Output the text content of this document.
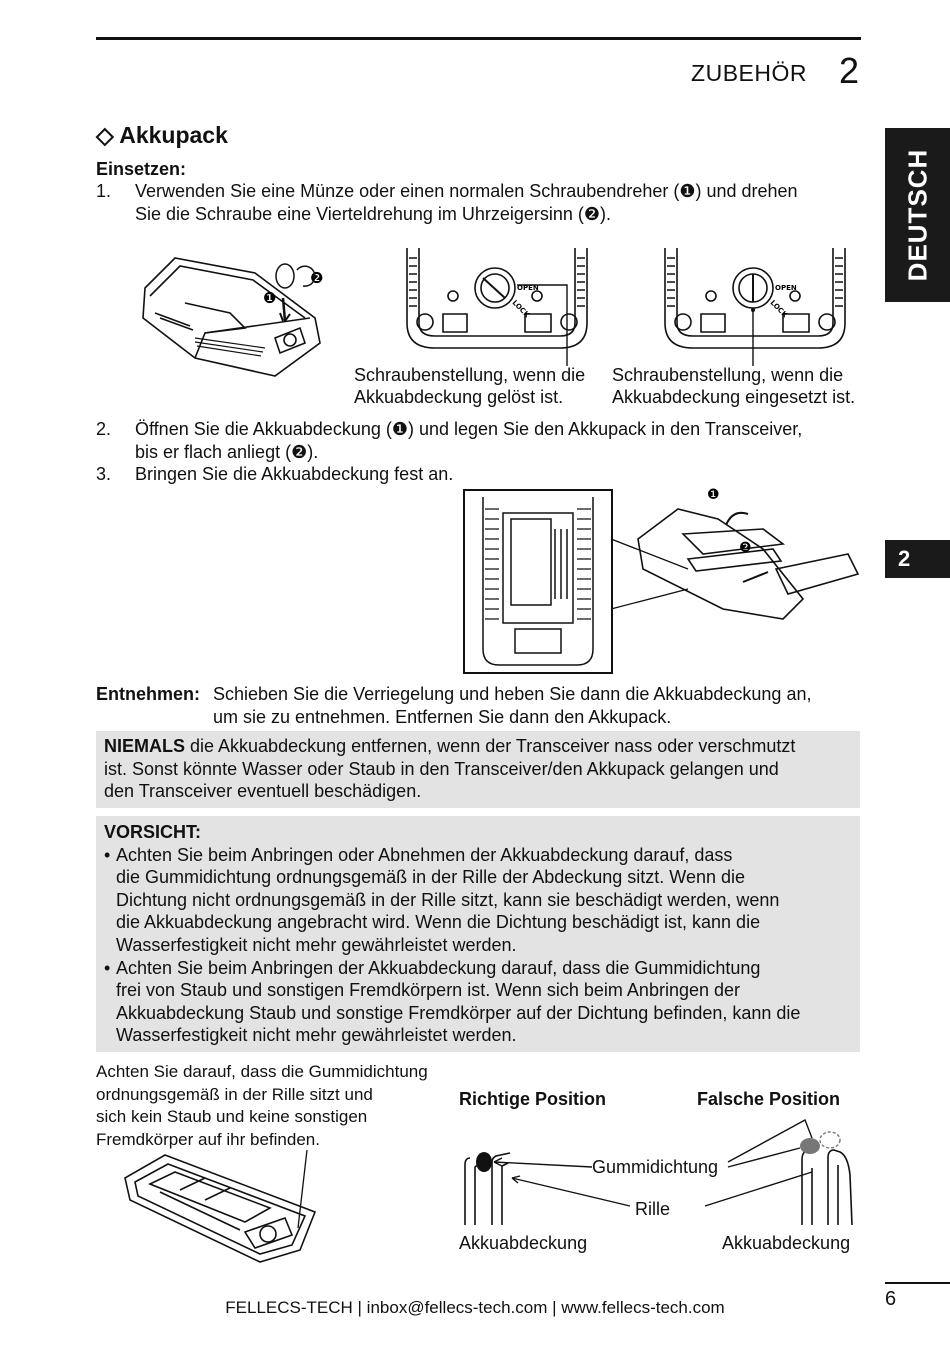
ZUBEHÖR 2
DEUTSCH
2
◇ Akkupack
Einsetzen:
1. Verwenden Sie eine Münze oder einen normalen Schraubendreher (❶) und drehen
Sie die Schraube eine Vierteldrehung im Uhrzeigersinn (❷).
❶
❷
OPEN
LOCK
OPEN
LOCK
Schraubenstellung, wenn die
Akkuabdeckung gelöst ist.
Schraubenstellung, wenn die
Akkuabdeckung eingesetzt ist.
2. Öffnen Sie die Akkuabdeckung (❶) und legen Sie den Akkupack in den Transceiver,
bis er flach anliegt (❷).
3. Bringen Sie die Akkuabdeckung fest an.
❶
❷
Entnehmen: Schieben Sie die Verriegelung und heben Sie dann die Akkuabdeckung an,
um sie zu entnehmen. Entfernen Sie dann den Akkupack.
NIEMALS die Akkuabdeckung entfernen, wenn der Transceiver nass oder verschmutzt
ist. Sonst könnte Wasser oder Staub in den Transceiver/den Akkupack gelangen und
den Transceiver eventuell beschädigen.
VORSICHT:
• Achten Sie beim Anbringen oder Abnehmen der Akkuabdeckung darauf, dass
die Gummidichtung ordnungsgemäß in der Rille der Abdeckung sitzt. Wenn die
Dichtung nicht ordnungsgemäß in der Rille sitzt, kann sie beschädigt werden, wenn
die Akkuabdeckung angebracht wird. Wenn die Dichtung beschädigt ist, kann die
Wasserfestigkeit nicht mehr gewährleistet werden.
• Achten Sie beim Anbringen der Akkuabdeckung darauf, dass die Gummidichtung
frei von Staub und sonstigen Fremdkörpern ist. Wenn sich beim Anbringen der
Akkuabdeckung Staub und sonstige Fremdkörper auf der Dichtung befinden, kann die
Wasserfestigkeit nicht mehr gewährleistet werden.
Achten Sie darauf, dass die Gummidichtung
ordnungsgemäß in der Rille sitzt und
sich kein Staub und keine sonstigen
Fremdkörper auf ihr befinden.
Richtige Position	Falsche Position
Gummidichtung
Rille
Akkuabdeckung	Akkuabdeckung
6
FELLECS-TECH | inbox@fellecs-tech.com | www.fellecs-tech.com
